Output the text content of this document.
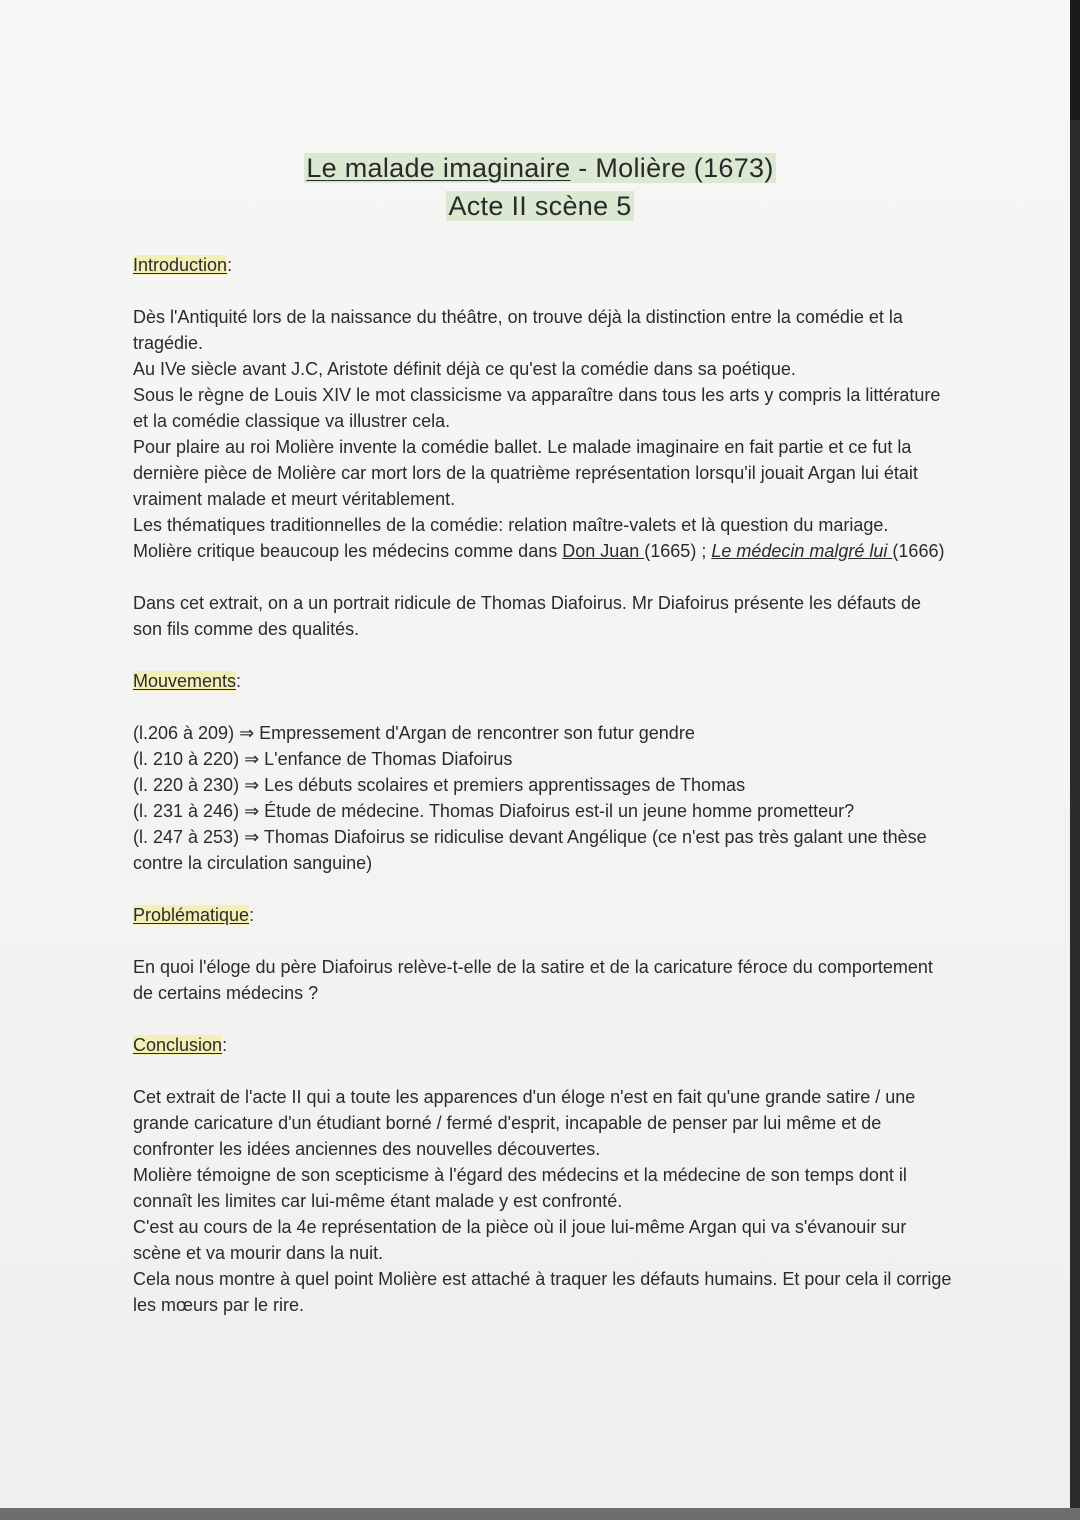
Le malade imaginaire - Molière (1673)
Acte II scène 5
Introduction:

Dès l'Antiquité lors de la naissance du théâtre, on trouve déjà la distinction entre la comédie et la tragédie.

Au IVe siècle avant J.C, Aristote définit déjà ce qu'est la comédie dans sa poétique.

Sous le règne de Louis XIV le mot classicisme va apparaître dans tous les arts y compris la littérature et la comédie classique va illustrer cela.

Pour plaire au roi Molière invente la comédie ballet. Le malade imaginaire en fait partie et ce fut la dernière pièce de Molière car mort lors de la quatrième représentation lorsqu'il jouait Argan lui était vraiment malade et meurt véritablement.

Les thématiques traditionnelles de la comédie: relation maître-valets et là question du mariage.

Molière critique beaucoup les médecins comme dans Don Juan (1665) ; Le médecin malgré lui (1666)

Dans cet extrait, on a un portrait ridicule de Thomas Diafoirus. Mr Diafoirus présente les défauts de son fils comme des qualités.

Mouvements:

(l.206 à 209) ⇒ Empressement d'Argan de rencontrer son futur gendre

(l. 210 à 220) ⇒ L'enfance de Thomas Diafoirus

(l. 220 à 230) ⇒ Les débuts scolaires et premiers apprentissages de Thomas

(l. 231 à 246) ⇒ Étude de médecine. Thomas Diafoirus est-il un jeune homme prometteur?

(l. 247 à 253) ⇒ Thomas Diafoirus se ridiculise devant Angélique (ce n'est pas très galant une thèse contre la circulation sanguine)

Problématique:

En quoi l'éloge du père Diafoirus relève-t-elle de la satire et de la caricature féroce du comportement de certains médecins ?

Conclusion:

Cet extrait de l'acte II qui a toute les apparences d'un éloge n'est en fait qu'une grande satire / une grande caricature d'un étudiant borné / fermé d'esprit, incapable de penser par lui même et de confronter les idées anciennes des nouvelles découvertes.

Molière témoigne de son scepticisme à l'égard des médecins et la médecine de son temps dont il connaît les limites car lui-même étant malade y est confronté.

C'est au cours de la 4e représentation de la pièce où il joue lui-même Argan qui va s'évanouir sur scène et va mourir dans la nuit.

Cela nous montre à quel point Molière est attaché à traquer les défauts humains. Et pour cela il corrige les mœurs par le rire.
